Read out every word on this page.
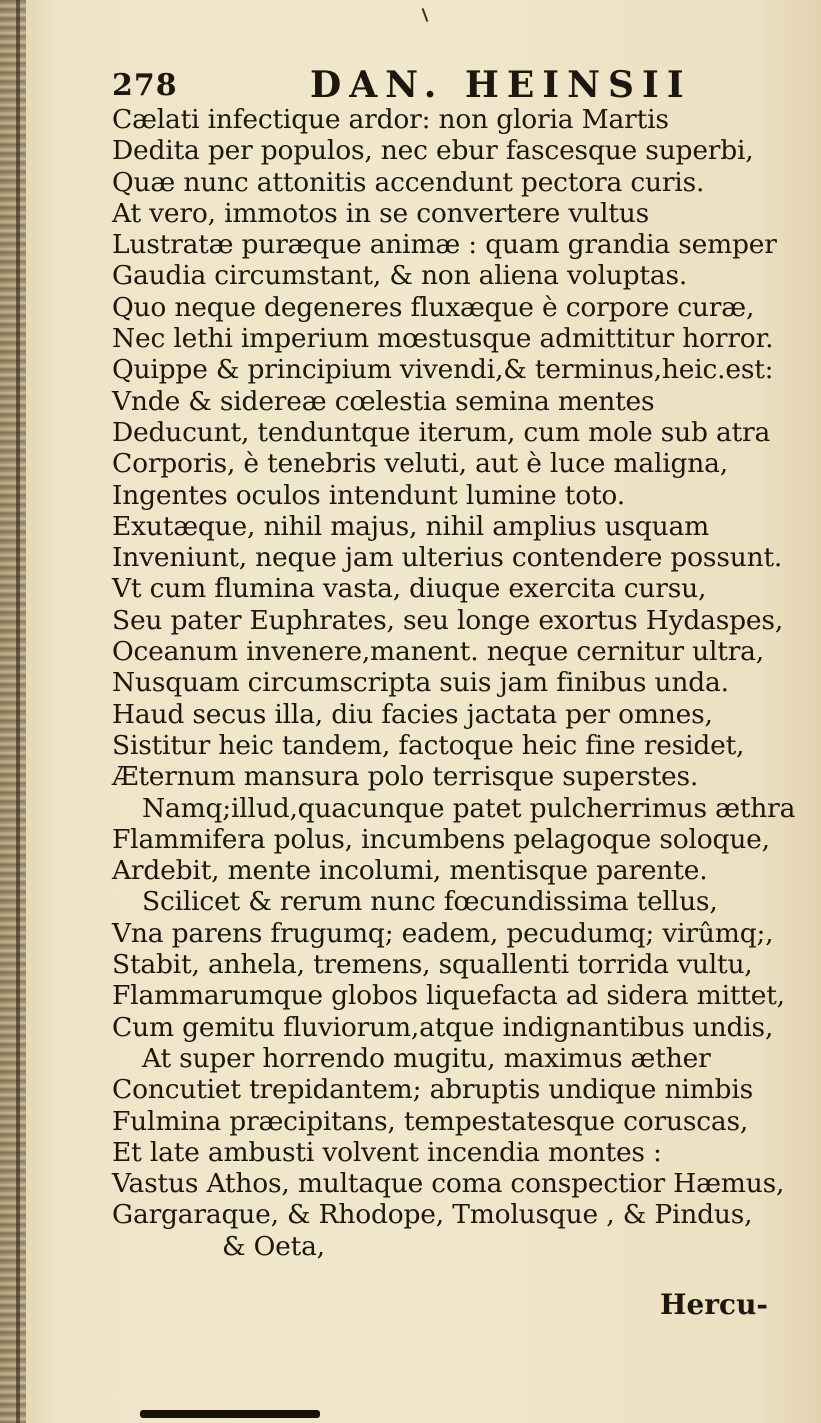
278	DAN. HEINSII
Cælati infectique ardor: non gloria Martis
Dedita per populos, nec ebur fascesque superbi,
Quæ nunc attonitis accendunt pectora curis.
At vero, immotos in se convertere vultus
Lustratæ puræque animæ : quam grandia semper
Gaudia circumstant, & non aliena voluptas.
Quo neque degeneres fluxæque è corpore curæ,
Nec lethi imperium mœstusque admittitur horror.
Quippe & principium vivendi,& terminus,heic.est:
Vnde & sidereæ cœlestia semina mentes
Deducunt, tenduntque iterum, cum mole sub atra
Corporis, è tenebris veluti, aut è luce maligna,
Ingentes oculos intendunt lumine toto.
Exutæque, nihil majus, nihil amplius usquam
Inveniunt, neque jam ulterius contendere possunt.
Vt cum flumina vasta, diuque exercita cursu,
Seu pater Euphrates, seu longe exortus Hydaspes,
Oceanum invenere,manent. neque cernitur ultra,
Nusquam circumscripta suis jam finibus unda.
Haud secus illa, diu facies jactata per omnes,
Sistitur heic tandem, factoque heic fine residet,
Æternum mansura polo terrisque superstes.
Namq;illud,quacunque patet pulcherrimus æthra
Flammifera polus, incumbens pelagoque soloque,
Ardebit, mente incolumi, mentisque parente.
Scilicet & rerum nunc fœcundissima tellus,
Vna parens frugumq; eadem, pecudumq; virûmq;,
Stabit, anhela, tremens, squallenti torrida vultu,
Flammarumque globos liquefacta ad sidera mittet,
Cum gemitu fluviorum,atque indignantibus undis,
At super horrendo mugitu, maximus æther
Concutiet trepidantem; abruptis undique nimbis
Fulmina præcipitans, tempestatesque coruscas,
Et late ambusti volvent incendia montes :
Vastus Athos, multaque coma conspectior Hæmus,
Gargaraque, & Rhodope, Tmolusque , & Pindus,
& Oeta,
Hercu-
